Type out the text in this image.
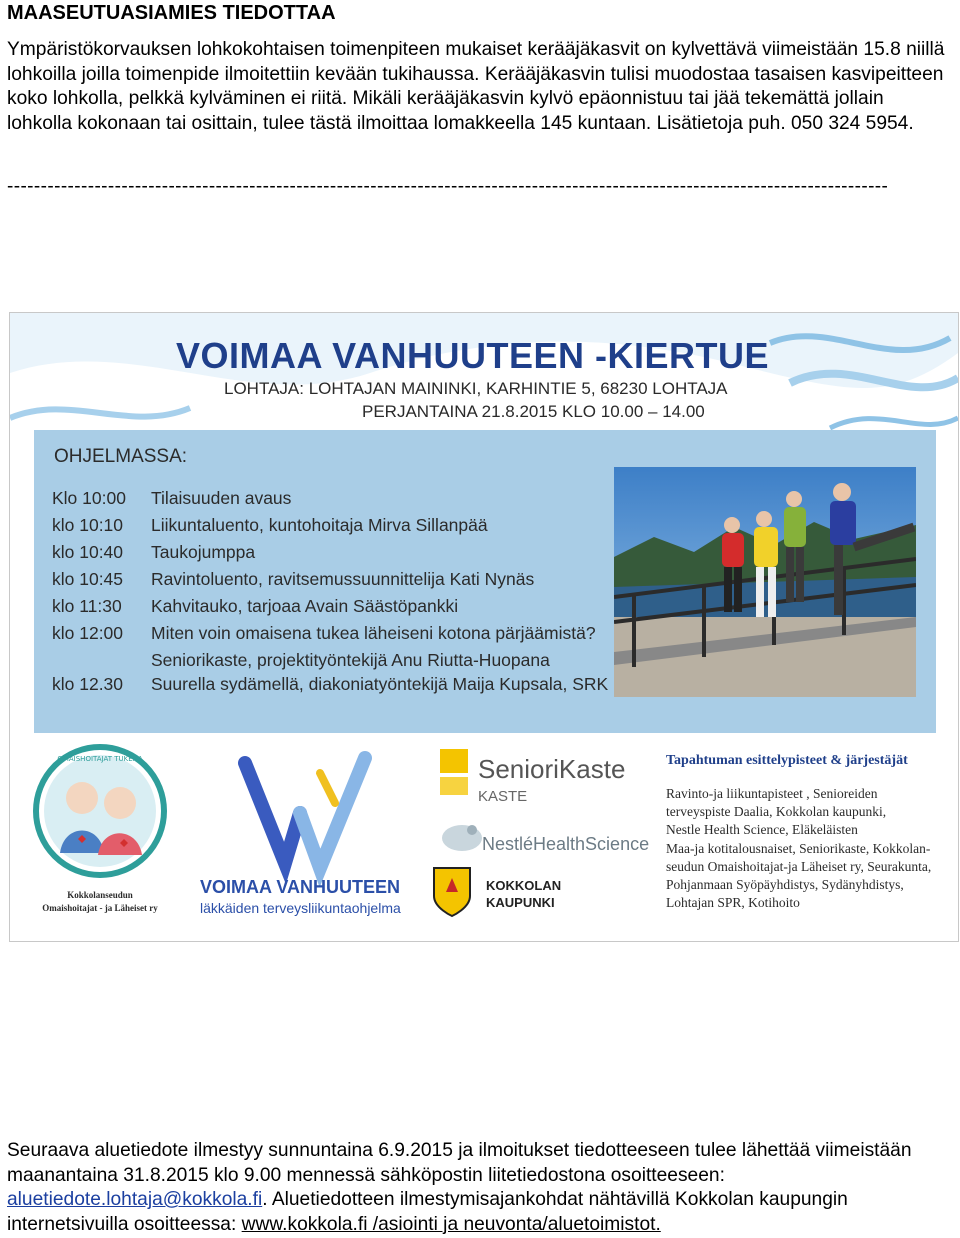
MAASEUTUASIAMIES TIEDOTTAA
Ympäristökorvauksen lohkokohtaisen toimenpiteen mukaiset kerääjäkasvit on kylvettävä viimeistään 15.8 niillä lohkoilla joilla toimenpide ilmoitettiin kevään tukihaussa. Kerääjäkasvin tulisi muodostaa tasaisen kasvipeitteen koko lohkolla, pelkkä kylväminen ei riitä. Mikäli kerääjäkasvin kylvö epäonnistuu tai jää tekemättä jollain lohkolla kokonaan tai osittain, tulee tästä ilmoittaa lomakkeella 145 kuntaan. Lisätietoja puh. 050 324 5954.
-----------------------------------------------------------------------------------------------------------------------------------
VOIMAA VANHUUTEEN -KIERTUE
LOHTAJA: LOHTAJAN MAININKI, KARHINTIE 5, 68230 LOHTAJA
PERJANTAINA 21.8.2015 KLO 10.00 – 14.00
OHJELMASSA:
Klo 10:00 Tilaisuuden avaus
klo 10:10 Liikuntaluento, kuntohoitaja Mirva Sillanpää
klo 10:40 Taukojumppa
klo 10:45 Ravintoluento, ravitsemussuunnittelija Kati Nynäs
klo 11:30 Kahvitauko, tarjoaa Avain Säästöpankki
klo 12:00 Miten voin omaisena tukea läheiseni kotona pärjäämistä?
Seniorikaste, projektityöntekijä Anu Riutta-Huopana
klo 12.30 Suurella sydämellä, diakoniatyöntekijä Maija Kupsala, SRK
OMAISHOITAJAT TUKENA
Kokkolanseudun
Omaishoitajat - ja Läheiset ry
VOIMAA VANHUUTEEN
läkkäiden terveysliikuntaohjelma
SenioriKaste
KASTE
NestléHealthScience
KOKKOLAN
KAUPUNKI
Tapahtuman esittelypisteet & järjestäjät
Ravinto-ja liikuntapisteet , Senioreiden
terveyspiste Daalia, Kokkolan kaupunki,
Nestle Health Science, Eläkeläisten
Maa-ja kotitalousnaiset, Seniorikaste, Kokkolan-
seudun Omaishoitajat-ja Läheiset ry, Seurakunta,
Pohjanmaan Syöpäyhdistys, Sydänyhdistys,
Lohtajan SPR, Kotihoito
Seuraava aluetiedote ilmestyy sunnuntaina 6.9.2015 ja ilmoitukset tiedotteeseen tulee lähettää viimeistään maanantaina 31.8.2015 klo 9.00 mennessä sähköpostin liitetiedostona osoitteeseen: aluetiedote.lohtaja@kokkola.fi. Aluetiedotteen ilmestymisajankohdat nähtävillä Kokkolan kaupungin internetsivuilla osoitteessa: www.kokkola.fi /asiointi ja neuvonta/aluetoimistot.
